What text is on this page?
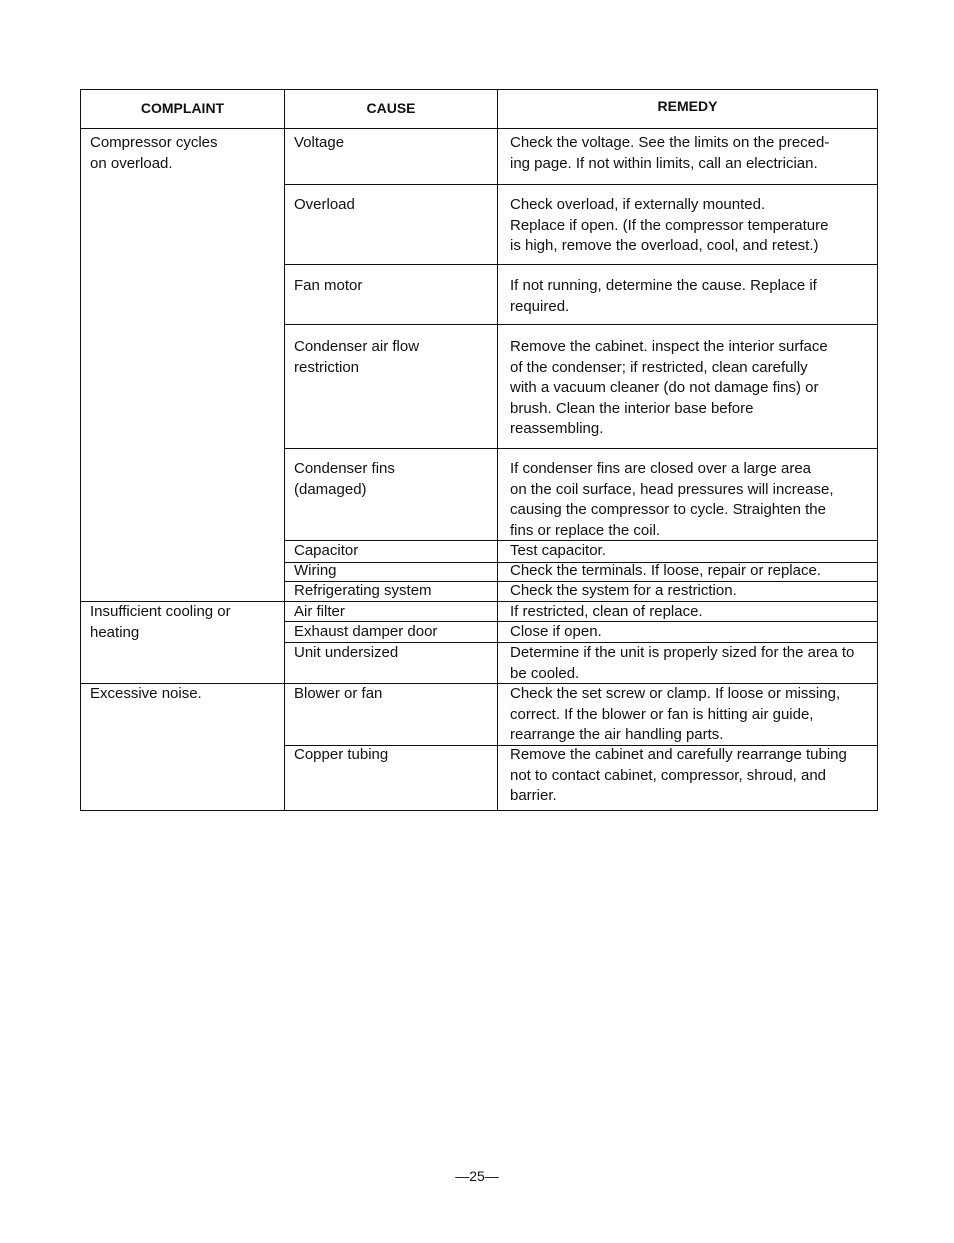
COMPLAINT	CAUSE	REMEDY
Compressor cycles
on overload.
Insufficient cooling or
heating
Excessive noise.
Voltage
Overload
Fan motor
Condenser air flow
restriction
Condenser fins
(damaged)
Capacitor
Wiring
Refrigerating system
Air filter
Exhaust damper door
Unit undersized
Blower or fan
Copper tubing
Check the voltage. See the limits on the preced-
ing page. If not within limits, call an electrician.
Check overload, if externally mounted.
Replace if open. (If the compressor temperature
is high, remove the overload, cool, and retest.)
If not running, determine the cause. Replace if
required.
Remove the cabinet. inspect the interior surface
of the condenser; if restricted, clean carefully
with a vacuum cleaner (do not damage fins) or
brush. Clean the interior base before
reassembling.
If condenser fins are closed over a large area
on the coil surface, head pressures will increase,
causing the compressor to cycle. Straighten the
fins or replace the coil.
Test capacitor.
Check the terminals. If loose, repair or replace.
Check the system for a restriction.
If restricted, clean of replace.
Close if open.
Determine if the unit is properly sized for the area to
be cooled.
Check the set screw or clamp. If loose or missing,
correct. If the blower or fan is hitting air guide,
rearrange the air handling parts.
Remove the cabinet and carefully rearrange tubing
not to contact cabinet, compressor, shroud, and
barrier.
—25—
